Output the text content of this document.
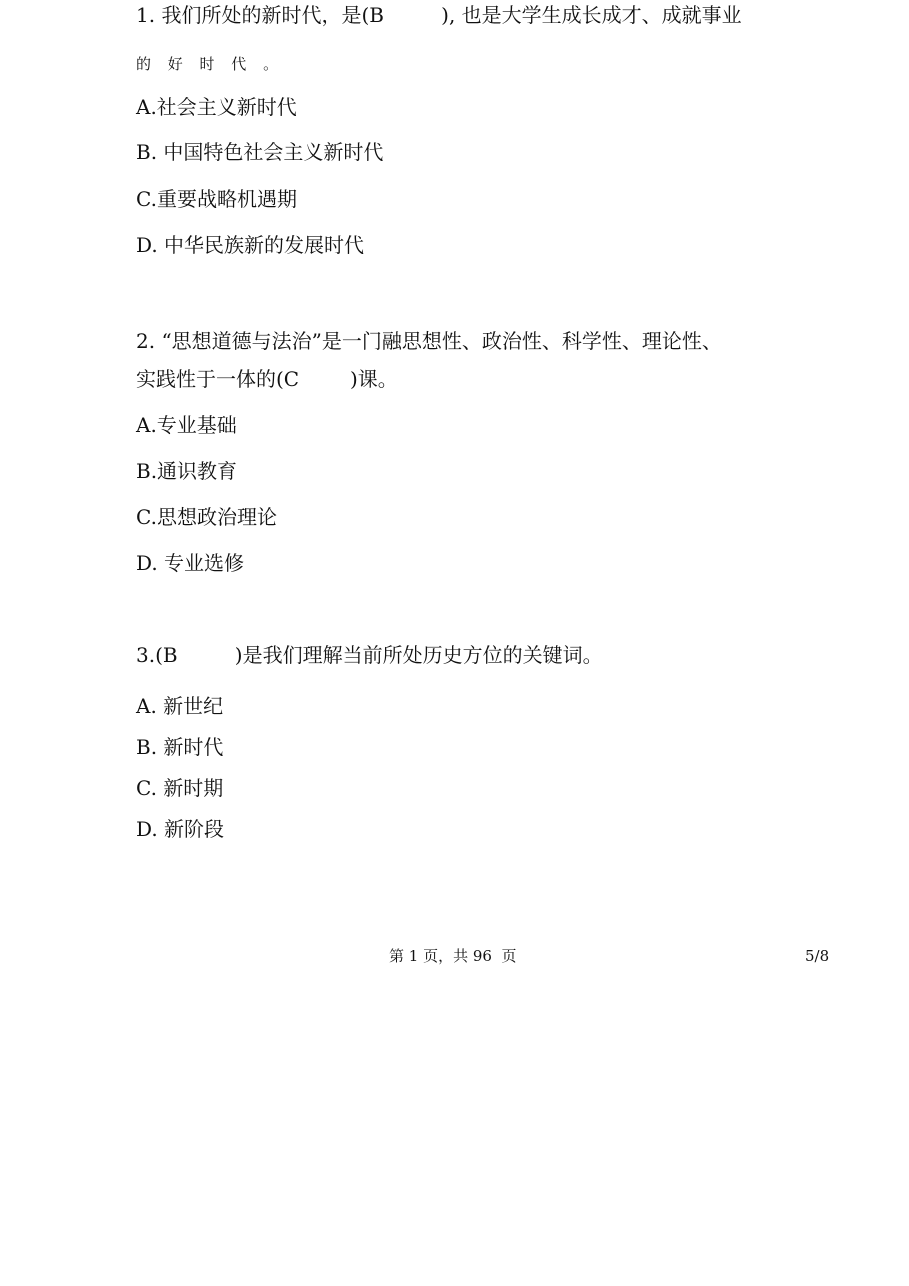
1. 我们所处的新时代，是(B         ), 也是大学生成长成才、成就事业
的 好 时 代 。
A.社会主义新时代
B. 中国特色社会主义新时代
C.重要战略机遇期
D. 中华民族新的发展时代
2. “思想道德与法治”是一门融思想性、政治性、科学性、理论性、
实践性于一体的(C        )课。
A.专业基础
B.通识教育
C.思想政治理论
D. 专业选修
3.(B         )是我们理解当前所处历史方位的关键词。
A. 新世纪
B. 新时代
C. 新时期
D. 新阶段
第 1 页，共 96  页	5/8
